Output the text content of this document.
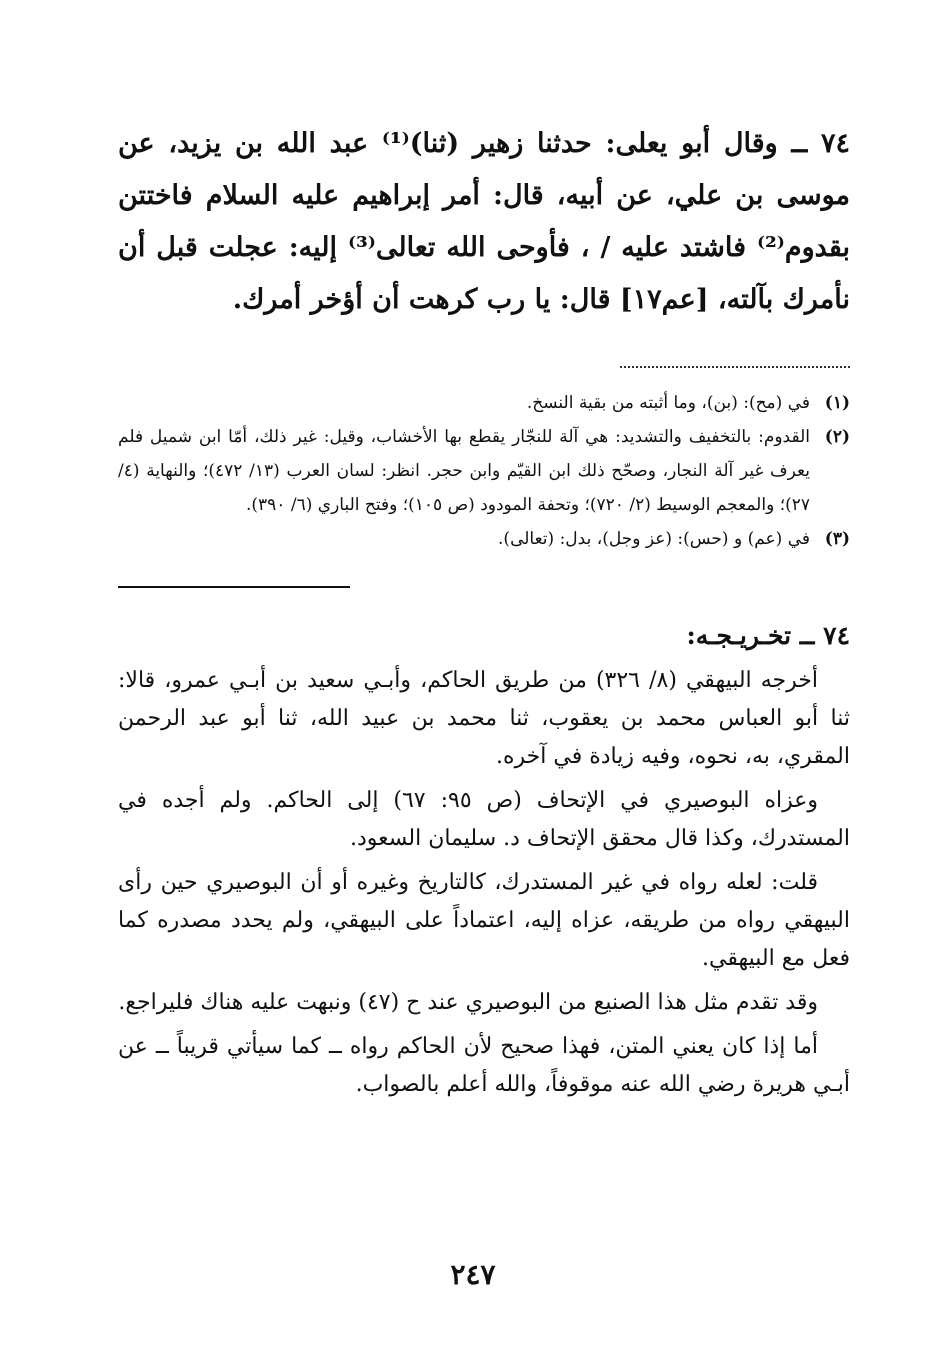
٧٤ ــ وقال أبو يعلى: حدثنا زهير (ثنا)⁽¹⁾ عبد الله بن يزيد، عن موسى بن علي، عن أبيه، قال: أمر إبراهيم عليه السلام فاختتن بقدوم⁽²⁾ فاشتد عليه / ، فأوحى الله تعالى⁽³⁾ إليه: عجلت قبل أن نأمرك بآلته، [عم١٧] قال: يا رب كرهت أن أؤخر أمرك.

(١)
في (مح): (بن)، وما أثبته من بقية النسخ.
(٢)
القدوم: بالتخفيف والتشديد: هي آلة للنجّار يقطع بها الأخشاب، وقيل: غير ذلك، أمّا ابن شميل فلم يعرف غير آلة النجار، وصحّح ذلك ابن القيّم وابن حجر. انظر: لسان العرب (١٣/ ٤٧٢)؛ والنهاية (٤/ ٢٧)؛ والمعجم الوسيط (٢/ ٧٢٠)؛ وتحفة المودود (ص ١٠٥)؛ وفتح الباري (٦/ ٣٩٠).
(٣)
في (عم) و (حس): (عز وجل)، بدل: (تعالى).
٧٤ ــ تخـريـجـه:

أخرجه البيهقي (٨/ ٣٢٦) من طريق الحاكم، وأبـي سعيد بن أبـي عمرو، قالا: ثنا أبو العباس محمد بن يعقوب، ثنا محمد بن عبيد الله، ثنا أبو عبد الرحمن المقري، به، نحوه، وفيه زيادة في آخره.

وعزاه البوصيري في الإتحاف (ص ٩٥: ٦٧) إلى الحاكم. ولم أجده في المستدرك، وكذا قال محقق الإتحاف د. سليمان السعود.

قلت: لعله رواه في غير المستدرك، كالتاريخ وغيره أو أن البوصيري حين رأى البيهقي رواه من طريقه، عزاه إليه، اعتماداً على البيهقي، ولم يحدد مصدره كما فعل مع البيهقي.

وقد تقدم مثل هذا الصنيع من البوصيري عند ح (٤٧) ونبهت عليه هناك فليراجع.

أما إذا كان يعني المتن، فهذا صحيح لأن الحاكم رواه ــ كما سيأتي قريباً ــ عن أبـي هريرة رضي الله عنه موقوفاً، والله أعلم بالصواب.

٢٤٧
